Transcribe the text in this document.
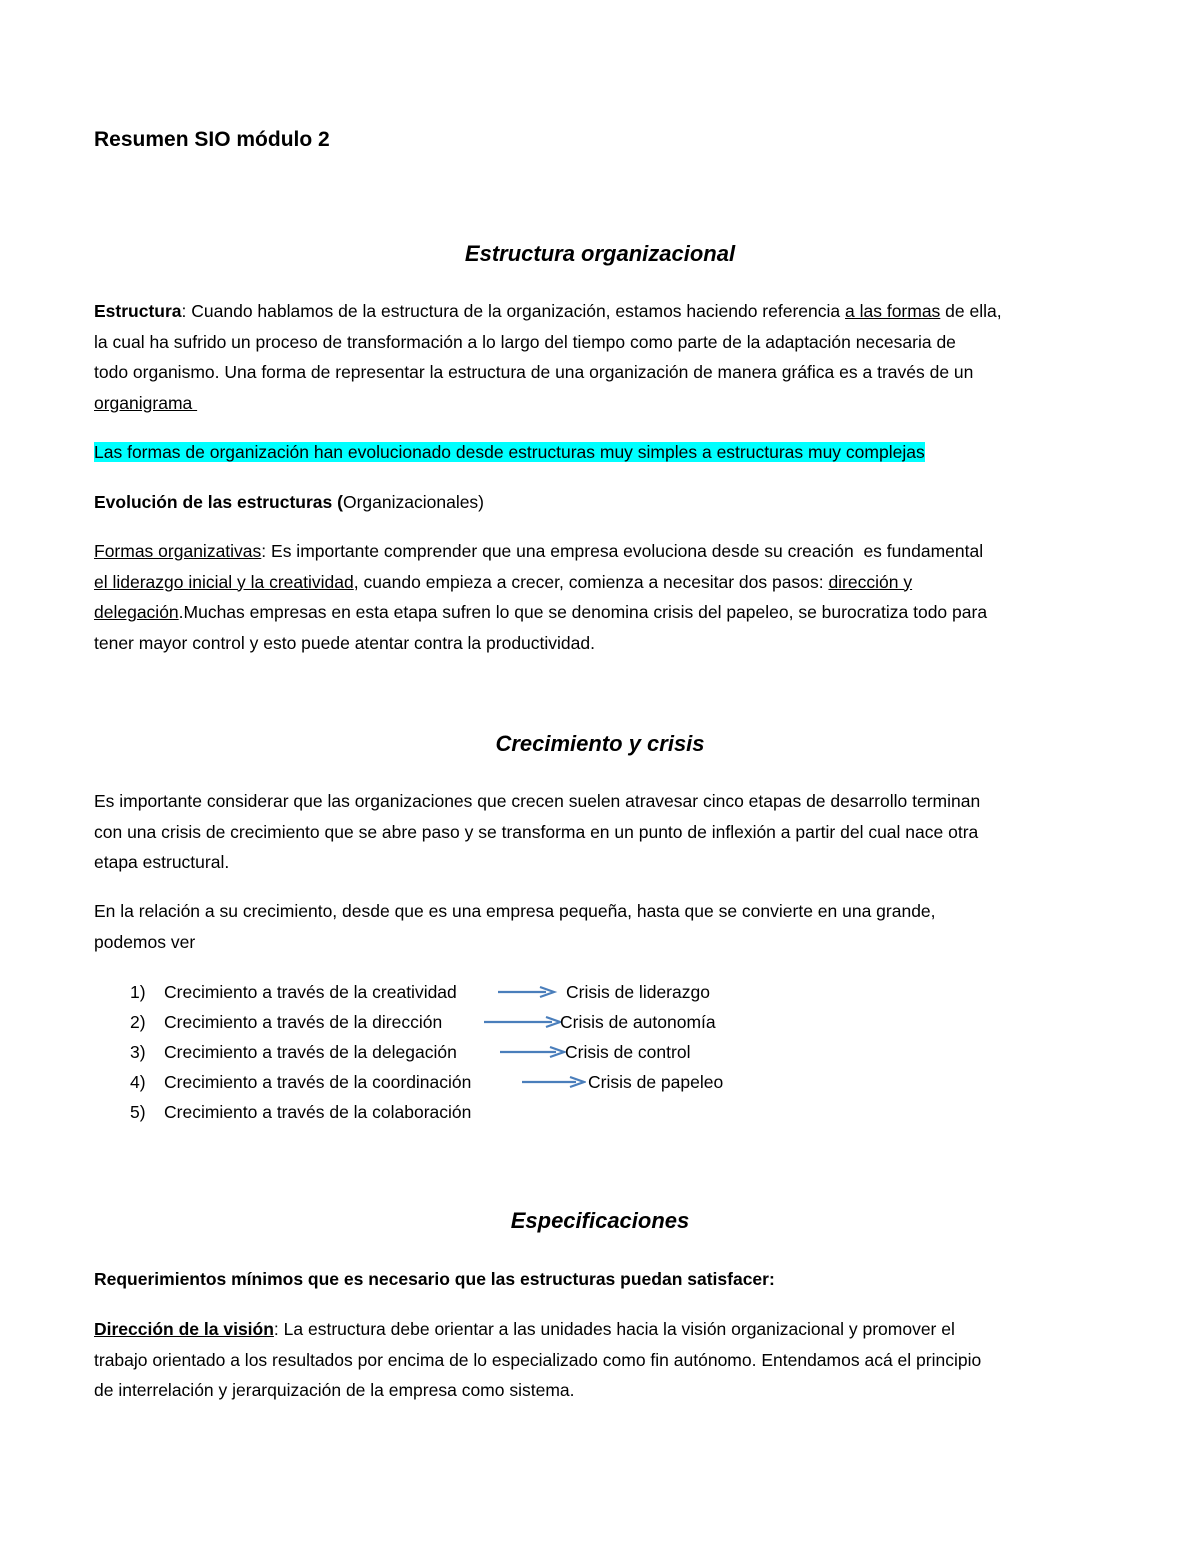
Resumen SIO módulo 2
Estructura organizacional
Estructura: Cuando hablamos de la estructura de la organización, estamos haciendo referencia a las formas de ella,
la cual ha sufrido un proceso de transformación a lo largo del tiempo como parte de la adaptación necesaria de
todo organismo. Una forma de representar la estructura de una organización de manera gráfica es a través de un
organigrama
Las formas de organización han evolucionado desde estructuras muy simples a estructuras muy complejas
Evolución de las estructuras (Organizacionales)
Formas organizativas: Es importante comprender que una empresa evoluciona desde su creación  es fundamental
el liderazgo inicial y la creatividad, cuando empieza a crecer, comienza a necesitar dos pasos: dirección y
delegación.Muchas empresas en esta etapa sufren lo que se denomina crisis del papeleo, se burocratiza todo para
tener mayor control y esto puede atentar contra la productividad.
Crecimiento y crisis
Es importante considerar que las organizaciones que crecen suelen atravesar cinco etapas de desarrollo terminan
con una crisis de crecimiento que se abre paso y se transforma en un punto de inflexión a partir del cual nace otra
etapa estructural.
En la relación a su crecimiento, desde que es una empresa pequeña, hasta que se convierte en una grande,
podemos ver
1)	Crecimiento a través de la creatividad	Crisis de liderazgo
2)	Crecimiento a través de la dirección	Crisis de autonomía
3)	Crecimiento a través de la delegación	Crisis de control
4)	Crecimiento a través de la coordinación	Crisis de papeleo
5)	Crecimiento a través de la colaboración
Especificaciones
Requerimientos mínimos que es necesario que las estructuras puedan satisfacer:
Dirección de la visión: La estructura debe orientar a las unidades hacia la visión organizacional y promover el
trabajo orientado a los resultados por encima de lo especializado como fin autónomo. Entendamos acá el principio
de interrelación y jerarquización de la empresa como sistema.
